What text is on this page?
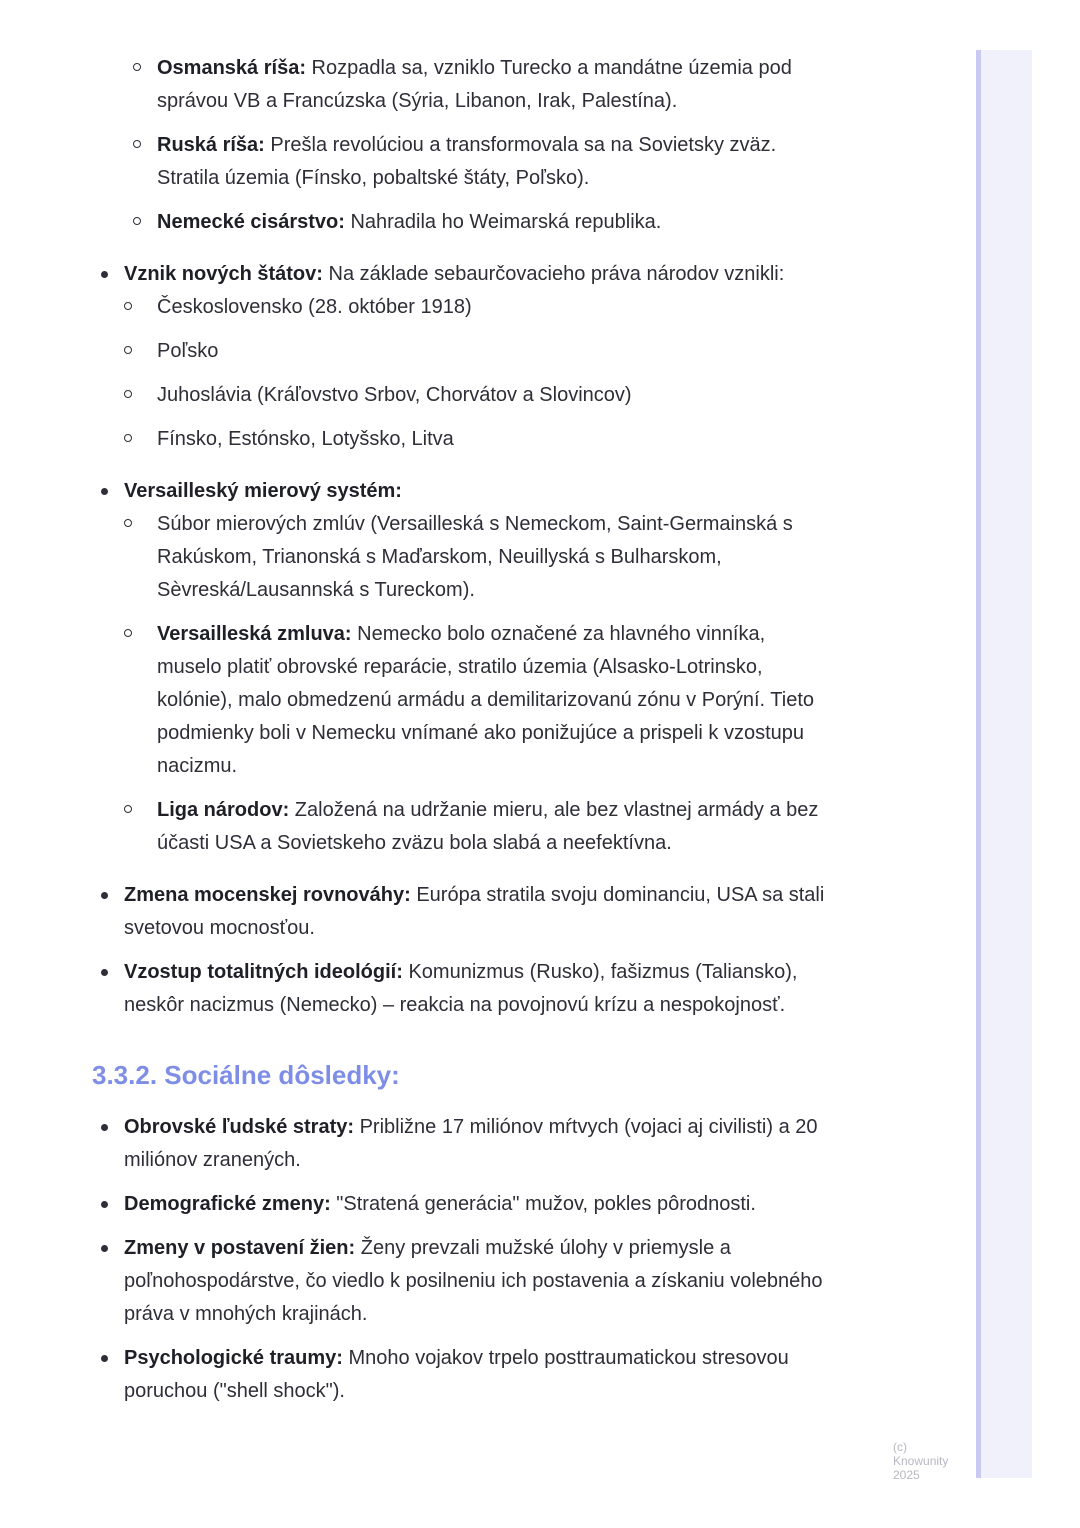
Osmanská ríša: Rozpadla sa, vzniklo Turecko a mandátne územia pod správou VB a Francúzska (Sýria, Libanon, Irak, Palestína).
Ruská ríša: Prešla revolúciou a transformovala sa na Sovietsky zväz. Stratila územia (Fínsko, pobaltské štáty, Poľsko).
Nemecké cisárstvo: Nahradila ho Weimarská republika.
Vznik nových štátov: Na základe sebaurčovacieho práva národov vznikli:
Československo (28. október 1918)
Poľsko
Juhoslávia (Kráľovstvo Srbov, Chorvátov a Slovincov)
Fínsko, Estónsko, Lotyšsko, Litva
Versailleský mierový systém:
Súbor mierových zmlúv (Versailleská s Nemeckom, Saint-Germainská s Rakúskom, Trianonská s Maďarskom, Neuillyská s Bulharskom, Sèvreská/Lausannská s Tureckom).
Versailleská zmluva: Nemecko bolo označené za hlavného vinníka, muselo platiť obrovské reparácie, stratilo územia (Alsasko-Lotrinsko, kolónie), malo obmedzenú armádu a demilitarizovanú zónu v Porýní. Tieto podmienky boli v Nemecku vnímané ako ponižujúce a prispeli k vzostupu nacizmu.
Liga národov: Založená na udržanie mieru, ale bez vlastnej armády a bez účasti USA a Sovietskeho zväzu bola slabá a neefektívna.
Zmena mocenskej rovnováhy: Európa stratila svoju dominanciu, USA sa stali svetovou mocnosťou.
Vzostup totalitných ideológií: Komunizmus (Rusko), fašizmus (Taliansko), neskôr nacizmus (Nemecko) – reakcia na povojnovú krízu a nespokojnosť.
3.3.2. Sociálne dôsledky:
Obrovské ľudské straty: Približne 17 miliónov mŕtvych (vojaci aj civilisti) a 20 miliónov zranených.
Demografické zmeny: "Stratená generácia" mužov, pokles pôrodnosti.
Zmeny v postavení žien: Ženy prevzali mužské úlohy v priemysle a poľnohospodárstve, čo viedlo k posilneniu ich postavenia a získaniu volebného práva v mnohých krajinách.
Psychologické traumy: Mnoho vojakov trpelo posttraumatickou stresovou poruchou ("shell shock").
(c) Knowunity 2025
